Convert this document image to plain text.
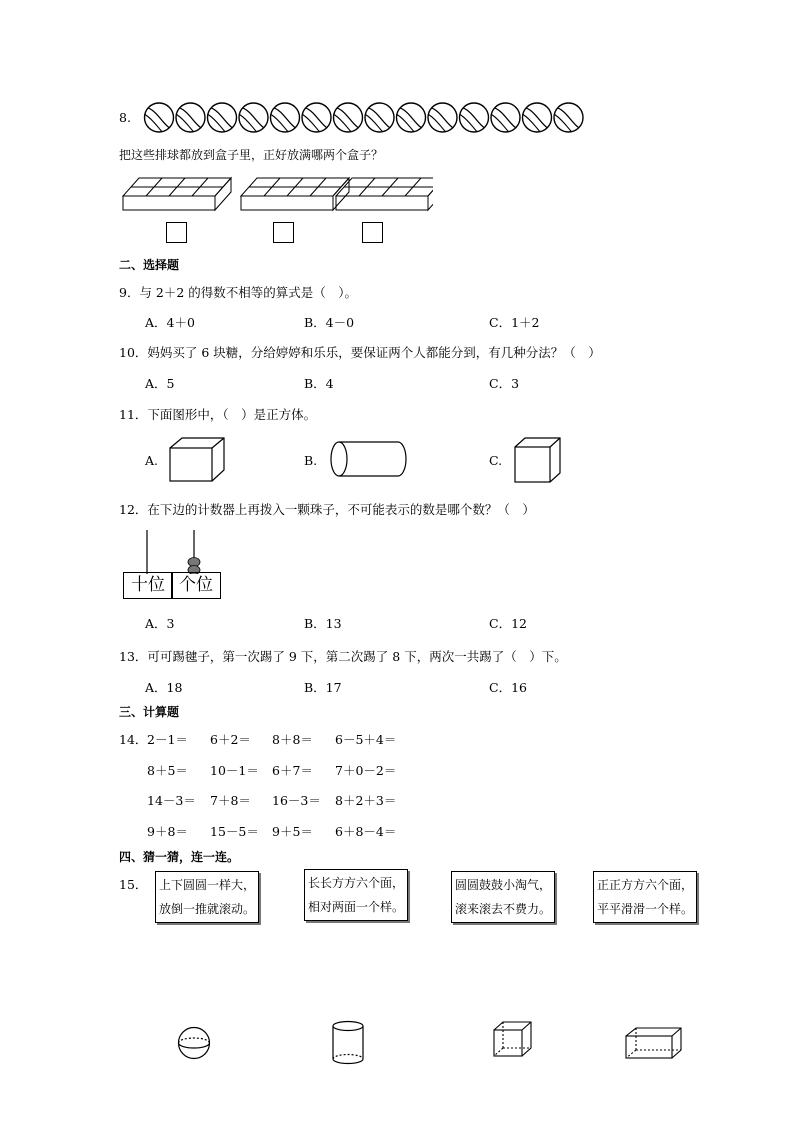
8.
把这些排球都放到盒子里，正好放满哪两个盒子？
二、选择题
9．与 2＋2 的得数不相等的算式是（　）。
A．4＋0	B．4－0	C．1＋2
10．妈妈买了 6 块糖，分给婷婷和乐乐，要保证两个人都能分到，有几种分法？（　）
A．5	B．4	C．3
11．下面图形中，（　）是正方体。
A.	B.	C.
12．在下边的计数器上再拨入一颗珠子，不可能表示的数是哪个数？（　）
十位 个位
A．3	B．13	C．12
13．可可踢毽子，第一次踢了 9 下，第二次踢了 8 下，两次一共踢了（　）下。
A．18	B．17	C．16
三、计算题
14． 2－1＝ 6＋2＝ 8＋8＝ 6－5＋4＝
8＋5＝ 10－1＝ 6＋7＝ 7＋0－2＝
14－3＝ 7＋8＝ 16－3＝ 8＋2＋3＝
9＋8＝ 15－5＝ 9＋5＝ 6＋8－4＝
四、猜一猜，连一连。
15． 上下圆圆一样大，
放倒一推就滚动。
长长方方六个面，
相对两面一个样。
圆圆鼓鼓小淘气，
滚来滚去不费力。
正正方方六个面，
平平滑滑一个样。
